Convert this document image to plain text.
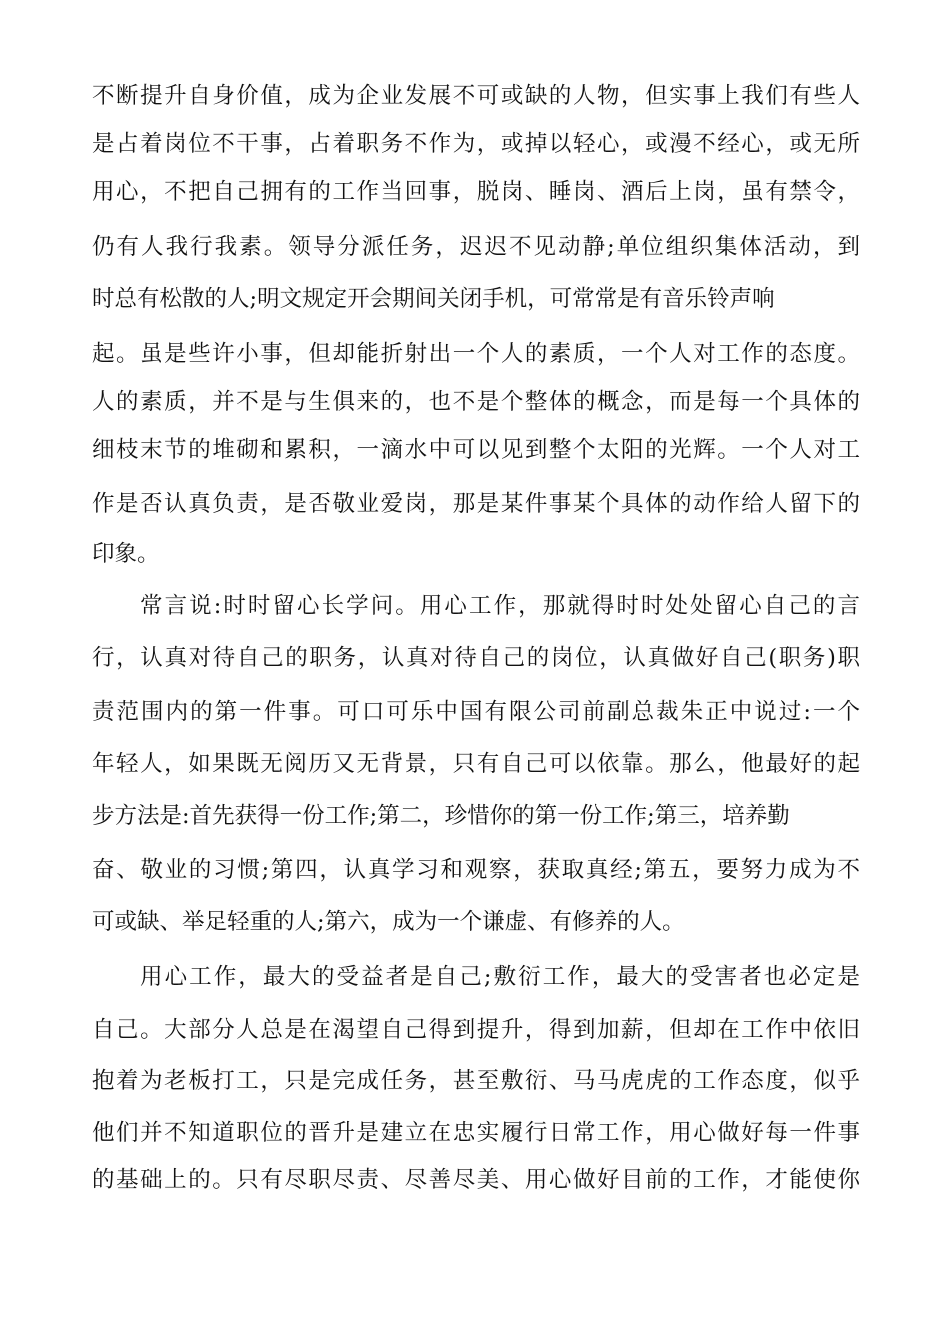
不断提升自身价值，成为企业发展不可或缺的人物，但实事上我们有些人
是占着岗位不干事，占着职务不作为，或掉以轻心，或漫不经心，或无所
用心，不把自己拥有的工作当回事，脱岗、睡岗、酒后上岗，虽有禁令，
仍有人我行我素。领导分派任务，迟迟不见动静;单位组织集体活动，到
时总有松散的人;明文规定开会期间关闭手机，可常常是有音乐铃声响
起。虽是些许小事，但却能折射出一个人的素质，一个人对工作的态度。
人的素质，并不是与生俱来的，也不是个整体的概念，而是每一个具体的
细枝末节的堆砌和累积，一滴水中可以见到整个太阳的光辉。一个人对工
作是否认真负责，是否敬业爱岗，那是某件事某个具体的动作给人留下的
印象。
常言说:时时留心长学问。用心工作，那就得时时处处留心自己的言
行，认真对待自己的职务，认真对待自己的岗位，认真做好自己(职务)职
责范围内的第一件事。可口可乐中国有限公司前副总裁朱正中说过:一个
年轻人，如果既无阅历又无背景，只有自己可以依靠。那么，他最好的起
步方法是:首先获得一份工作;第二，珍惜你的第一份工作;第三，培养勤
奋、敬业的习惯;第四，认真学习和观察，获取真经;第五，要努力成为不
可或缺、举足轻重的人;第六，成为一个谦虚、有修养的人。
用心工作，最大的受益者是自己;敷衍工作，最大的受害者也必定是
自己。大部分人总是在渴望自己得到提升，得到加薪，但却在工作中依旧
抱着为老板打工，只是完成任务，甚至敷衍、马马虎虎的工作态度，似乎
他们并不知道职位的晋升是建立在忠实履行日常工作，用心做好每一件事
的基础上的。只有尽职尽责、尽善尽美、用心做好目前的工作，才能使你
